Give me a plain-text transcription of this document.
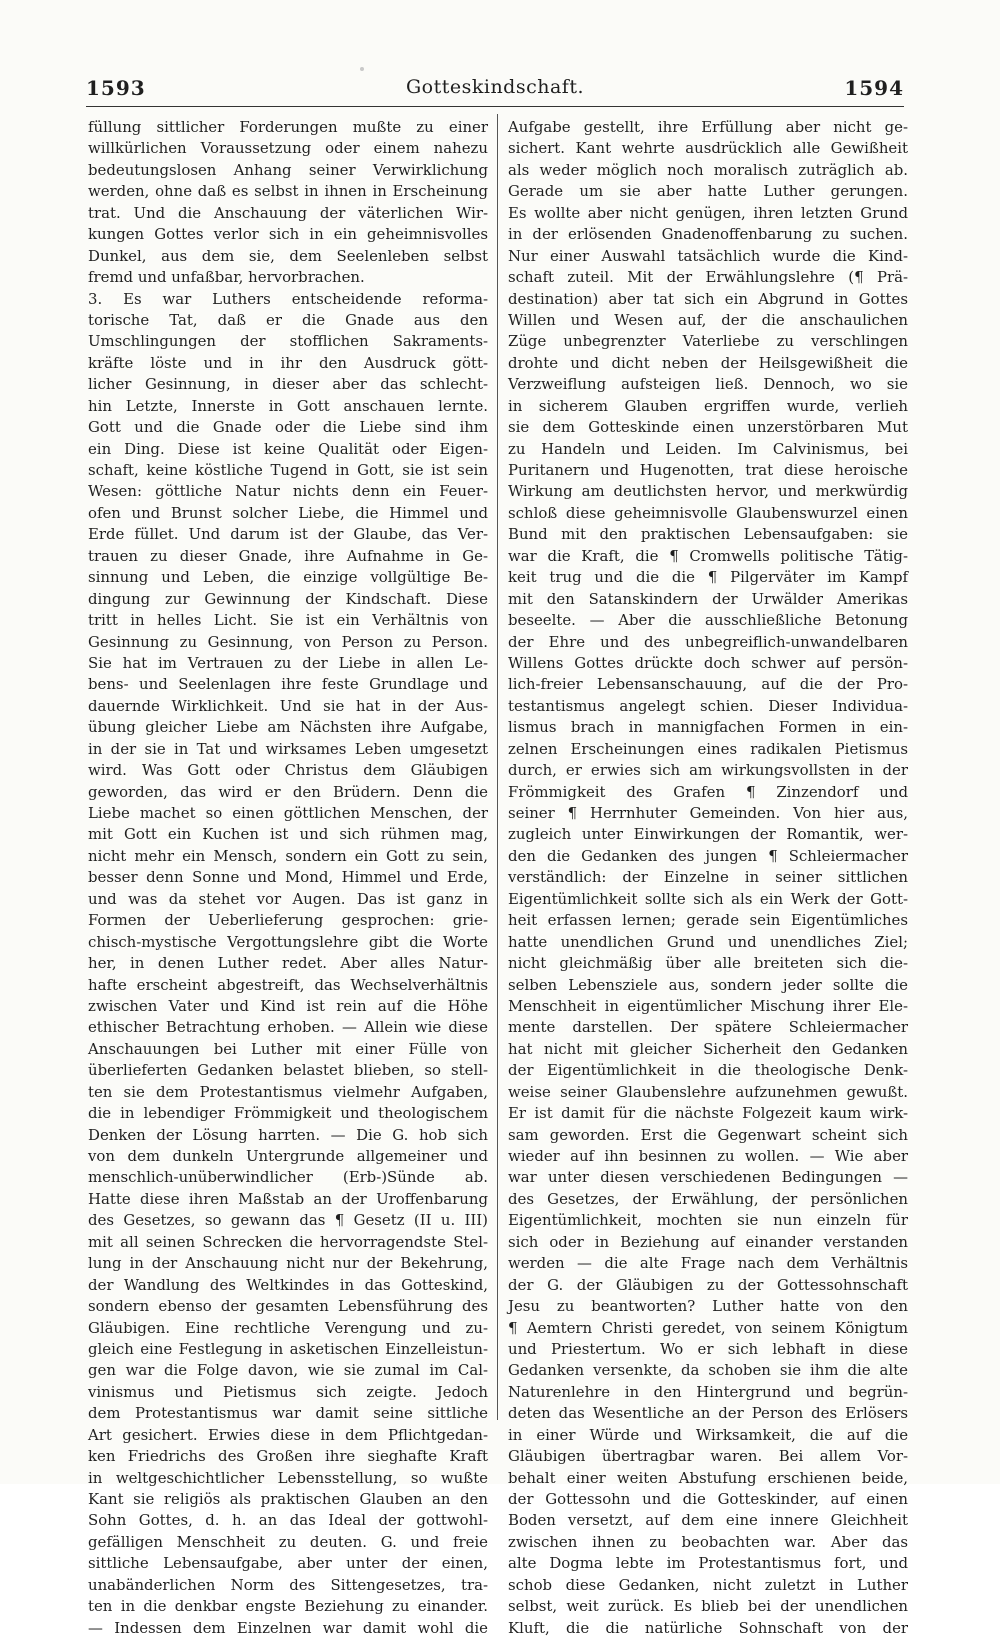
1593	Gotteskindschaft.	1594
füllung sittlicher Forderungen mußte zu einer
willkürlichen Voraussetzung oder einem nahezu
bedeutungslosen Anhang seiner Verwirklichung
werden, ohne daß es selbst in ihnen in Erscheinung
trat. Und die Anschauung der väterlichen Wir-
kungen Gottes verlor sich in ein geheimnisvolles
Dunkel, aus dem sie, dem Seelenleben selbst
fremd und unfaßbar, hervorbrachen.
3. Es war Luthers entscheidende reforma-
torische Tat, daß er die Gnade aus den
Umschlingungen der stofflichen Sakraments-
kräfte löste und in ihr den Ausdruck gött-
licher Gesinnung, in dieser aber das schlecht-
hin Letzte, Innerste in Gott anschauen lernte.
Gott und die Gnade oder die Liebe sind ihm
ein Ding. Diese ist keine Qualität oder Eigen-
schaft, keine köstliche Tugend in Gott, sie ist sein
Wesen: göttliche Natur nichts denn ein Feuer-
ofen und Brunst solcher Liebe, die Himmel und
Erde füllet. Und darum ist der Glaube, das Ver-
trauen zu dieser Gnade, ihre Aufnahme in Ge-
sinnung und Leben, die einzige vollgültige Be-
dingung zur Gewinnung der Kindschaft. Diese
tritt in helles Licht. Sie ist ein Verhältnis von
Gesinnung zu Gesinnung, von Person zu Person.
Sie hat im Vertrauen zu der Liebe in allen Le-
bens- und Seelenlagen ihre feste Grundlage und
dauernde Wirklichkeit. Und sie hat in der Aus-
übung gleicher Liebe am Nächsten ihre Aufgabe,
in der sie in Tat und wirksames Leben umgesetzt
wird. Was Gott oder Christus dem Gläubigen
geworden, das wird er den Brüdern. Denn die
Liebe machet so einen göttlichen Menschen, der
mit Gott ein Kuchen ist und sich rühmen mag,
nicht mehr ein Mensch, sondern ein Gott zu sein,
besser denn Sonne und Mond, Himmel und Erde,
und was da stehet vor Augen. Das ist ganz in
Formen der Ueberlieferung gesprochen: grie-
chisch-mystische Vergottungslehre gibt die Worte
her, in denen Luther redet. Aber alles Natur-
hafte erscheint abgestreift, das Wechselverhältnis
zwischen Vater und Kind ist rein auf die Höhe
ethischer Betrachtung erhoben. — Allein wie diese
Anschauungen bei Luther mit einer Fülle von
überlieferten Gedanken belastet blieben, so stell-
ten sie dem Protestantismus vielmehr Aufgaben,
die in lebendiger Frömmigkeit und theologischem
Denken der Lösung harrten. — Die G. hob sich
von dem dunkeln Untergrunde allgemeiner und
menschlich-unüberwindlicher (Erb-)Sünde ab.
Hatte diese ihren Maßstab an der Uroffenbarung
des Gesetzes, so gewann das ¶ Gesetz (II u. III)
mit all seinen Schrecken die hervorragendste Stel-
lung in der Anschauung nicht nur der Bekehrung,
der Wandlung des Weltkindes in das Gotteskind,
sondern ebenso der gesamten Lebensführung des
Gläubigen. Eine rechtliche Verengung und zu-
gleich eine Festlegung in asketischen Einzelleistun-
gen war die Folge davon, wie sie zumal im Cal-
vinismus und Pietismus sich zeigte. Jedoch
dem Protestantismus war damit seine sittliche
Art gesichert. Erwies diese in dem Pflichtgedan-
ken Friedrichs des Großen ihre sieghafte Kraft
in weltgeschichtlicher Lebensstellung, so wußte
Kant sie religiös als praktischen Glauben an den
Sohn Gottes, d. h. an das Ideal der gottwohl-
gefälligen Menschheit zu deuten. G. und freie
sittliche Lebensaufgabe, aber unter der einen,
unabänderlichen Norm des Sittengesetzes, tra-
ten in die denkbar engste Beziehung zu einander.
— Indessen dem Einzelnen war damit wohl die
Aufgabe gestellt, ihre Erfüllung aber nicht ge-
sichert. Kant wehrte ausdrücklich alle Gewißheit
als weder möglich noch moralisch zuträglich ab.
Gerade um sie aber hatte Luther gerungen.
Es wollte aber nicht genügen, ihren letzten Grund
in der erlösenden Gnadenoffenbarung zu suchen.
Nur einer Auswahl tatsächlich wurde die Kind-
schaft zuteil. Mit der Erwählungslehre (¶ Prä-
destination) aber tat sich ein Abgrund in Gottes
Willen und Wesen auf, der die anschaulichen
Züge unbegrenzter Vaterliebe zu verschlingen
drohte und dicht neben der Heilsgewißheit die
Verzweiflung aufsteigen ließ. Dennoch, wo sie
in sicherem Glauben ergriffen wurde, verlieh
sie dem Gotteskinde einen unzerstörbaren Mut
zu Handeln und Leiden. Im Calvinismus, bei
Puritanern und Hugenotten, trat diese heroische
Wirkung am deutlichsten hervor, und merkwürdig
schloß diese geheimnisvolle Glaubenswurzel einen
Bund mit den praktischen Lebensaufgaben: sie
war die Kraft, die ¶ Cromwells politische Tätig-
keit trug und die die ¶ Pilgerväter im Kampf
mit den Satanskindern der Urwälder Amerikas
beseelte. — Aber die ausschließliche Betonung
der Ehre und des unbegreiflich-unwandelbaren
Willens Gottes drückte doch schwer auf persön-
lich-freier Lebensanschauung, auf die der Pro-
testantismus angelegt schien. Dieser Individua-
lismus brach in mannigfachen Formen in ein-
zelnen Erscheinungen eines radikalen Pietismus
durch, er erwies sich am wirkungsvollsten in der
Frömmigkeit des Grafen ¶ Zinzendorf und
seiner ¶ Herrnhuter Gemeinden. Von hier aus,
zugleich unter Einwirkungen der Romantik, wer-
den die Gedanken des jungen ¶ Schleiermacher
verständlich: der Einzelne in seiner sittlichen
Eigentümlichkeit sollte sich als ein Werk der Gott-
heit erfassen lernen; gerade sein Eigentümliches
hatte unendlichen Grund und unendliches Ziel;
nicht gleichmäßig über alle breiteten sich die-
selben Lebensziele aus, sondern jeder sollte die
Menschheit in eigentümlicher Mischung ihrer Ele-
mente darstellen. Der spätere Schleiermacher
hat nicht mit gleicher Sicherheit den Gedanken
der Eigentümlichkeit in die theologische Denk-
weise seiner Glaubenslehre aufzunehmen gewußt.
Er ist damit für die nächste Folgezeit kaum wirk-
sam geworden. Erst die Gegenwart scheint sich
wieder auf ihn besinnen zu wollen. — Wie aber
war unter diesen verschiedenen Bedingungen —
des Gesetzes, der Erwählung, der persönlichen
Eigentümlichkeit, mochten sie nun einzeln für
sich oder in Beziehung auf einander verstanden
werden — die alte Frage nach dem Verhältnis
der G. der Gläubigen zu der Gottessohnschaft
Jesu zu beantworten? Luther hatte von den
¶ Aemtern Christi geredet, von seinem Königtum
und Priestertum. Wo er sich lebhaft in diese
Gedanken versenkte, da schoben sie ihm die alte
Naturenlehre in den Hintergrund und begrün-
deten das Wesentliche an der Person des Erlösers
in einer Würde und Wirksamkeit, die auf die
Gläubigen übertragbar waren. Bei allem Vor-
behalt einer weiten Abstufung erschienen beide,
der Gottessohn und die Gotteskinder, auf einen
Boden versetzt, auf dem eine innere Gleichheit
zwischen ihnen zu beobachten war. Aber das
alte Dogma lebte im Protestantismus fort, und
schob diese Gedanken, nicht zuletzt in Luther
selbst, weit zurück. Es blieb bei der unendlichen
Kluft, die die natürliche Sohnschaft von der
